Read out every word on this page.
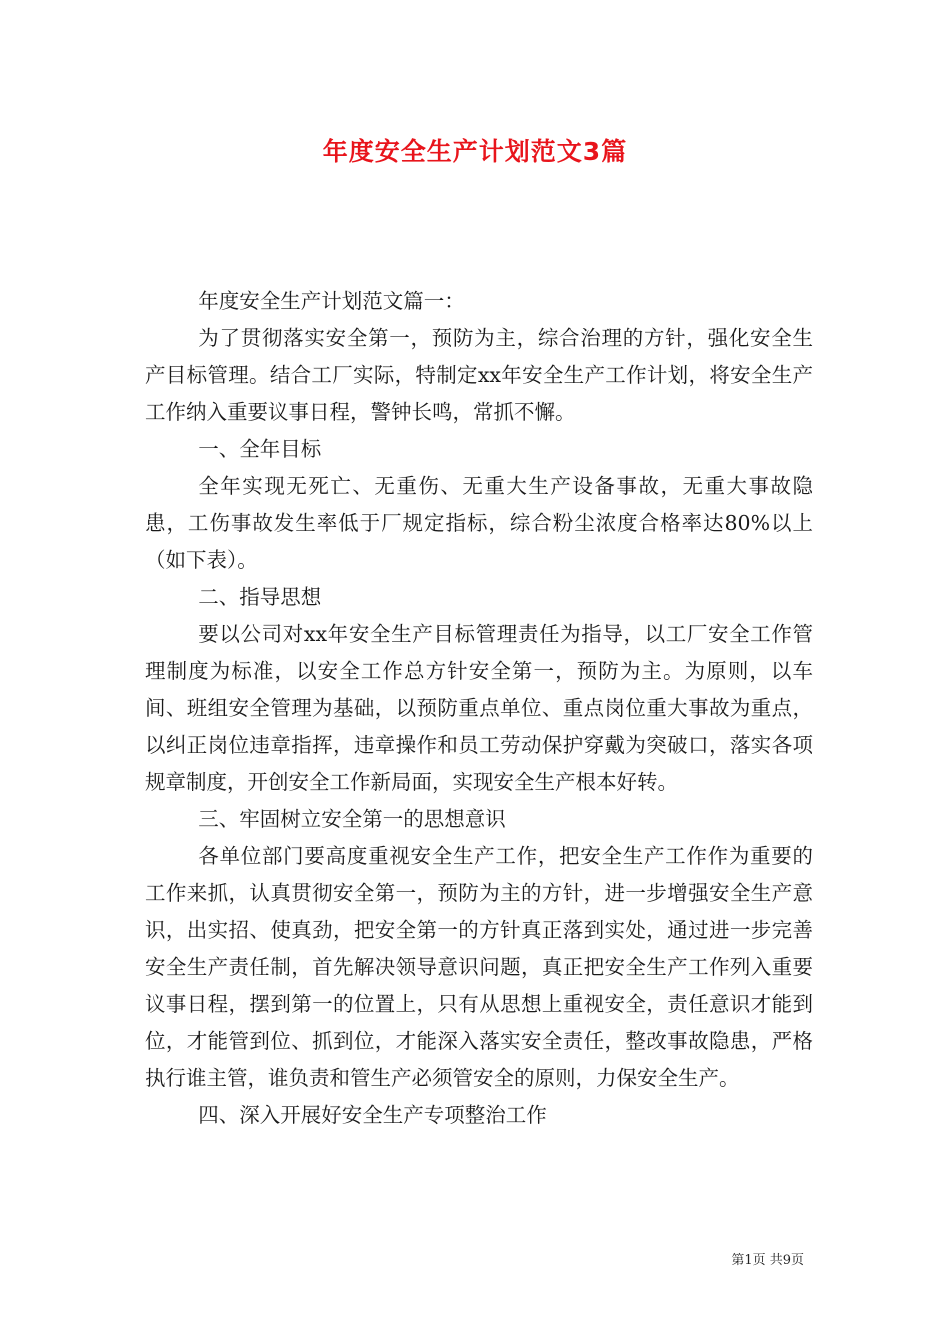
年度安全生产计划范文3篇

年度安全生产计划范文篇一：

为了贯彻落实安全第一，预防为主，综合治理的方针，强化安全生产目标管理。结合工厂实际，特制定xx年安全生产工作计划，将安全生产工作纳入重要议事日程，警钟长鸣，常抓不懈。

一、全年目标

全年实现无死亡、无重伤、无重大生产设备事故，无重大事故隐患，工伤事故发生率低于厂规定指标，综合粉尘浓度合格率达80%以上（如下表）。

二、指导思想

要以公司对xx年安全生产目标管理责任为指导，以工厂安全工作管理制度为标准，以安全工作总方针安全第一，预防为主。为原则，以车间、班组安全管理为基础，以预防重点单位、重点岗位重大事故为重点，以纠正岗位违章指挥，违章操作和员工劳动保护穿戴为突破口，落实各项规章制度，开创安全工作新局面，实现安全生产根本好转。

三、牢固树立安全第一的思想意识

各单位部门要高度重视安全生产工作，把安全生产工作作为重要的工作来抓，认真贯彻安全第一，预防为主的方针，进一步增强安全生产意识，出实招、使真劲，把安全第一的方针真正落到实处，通过进一步完善安全生产责任制，首先解决领导意识问题，真正把安全生产工作列入重要议事日程，摆到第一的位置上，只有从思想上重视安全，责任意识才能到位，才能管到位、抓到位，才能深入落实安全责任，整改事故隐患，严格执行谁主管，谁负责和管生产必须管安全的原则，力保安全生产。

四、深入开展好安全生产专项整治工作

第1页 共9页
